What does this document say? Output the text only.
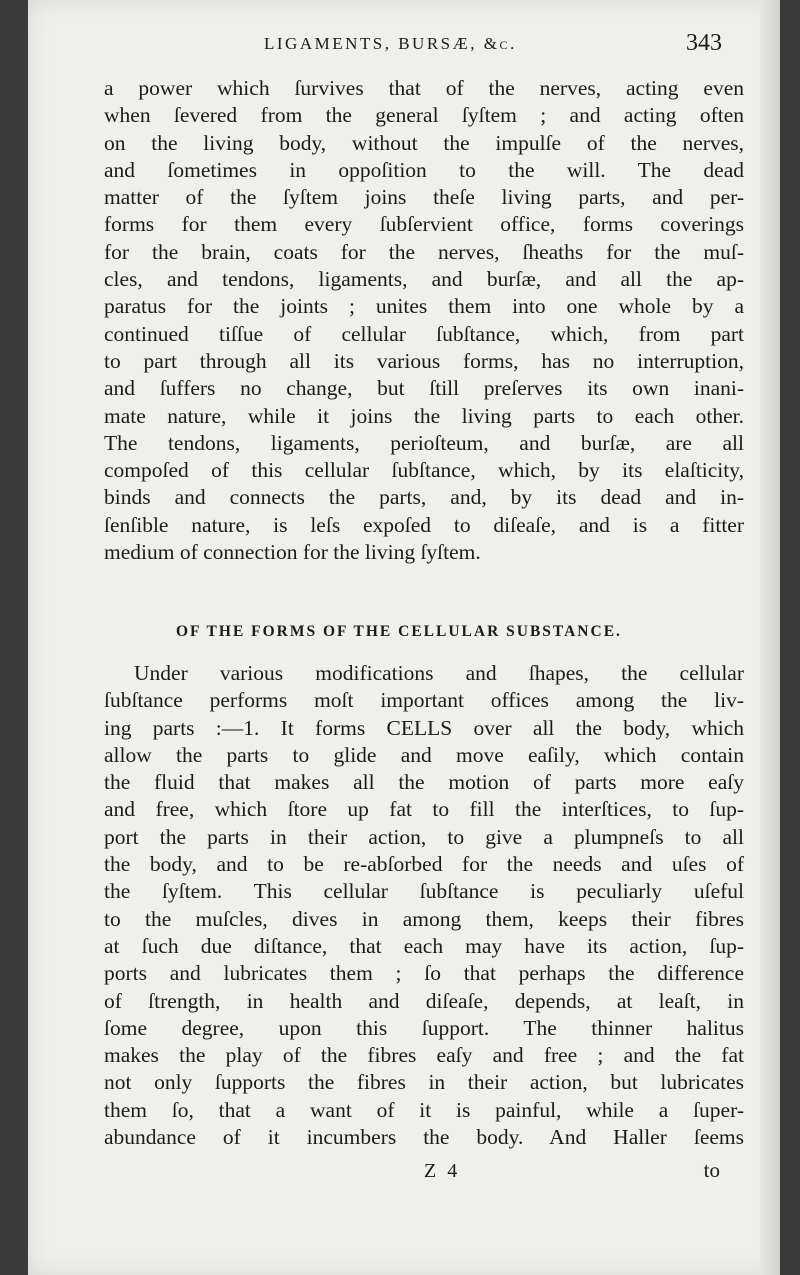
LIGAMENTS, BURSÆ, &c.	343
a power which ſurvives that of the nerves, acting even
when ſevered from the general ſyſtem ; and acting often
on the living body, without the impulſe of the nerves,
and ſometimes in oppoſition to the will. The dead
matter of the ſyſtem joins theſe living parts, and per-
forms for them every ſubſervient office, forms coverings
for the brain, coats for the nerves, ſheaths for the muſ-
cles, and tendons, ligaments, and burſæ, and all the ap-
paratus for the joints ; unites them into one whole by a
continued tiſſue of cellular ſubſtance, which, from part
to part through all its various forms, has no interruption,
and ſuffers no change, but ſtill preſerves its own inani-
mate nature, while it joins the living parts to each other.
The tendons, ligaments, perioſteum, and burſæ, are all
compoſed of this cellular ſubſtance, which, by its elaſticity,
binds and connects the parts, and, by its dead and in-
ſenſible nature, is leſs expoſed to diſeaſe, and is a fitter
medium of connection for the living ſyſtem.
OF THE FORMS OF THE CELLULAR SUBSTANCE.
Under various modifications and ſhapes, the cellular
ſubſtance performs moſt important offices among the liv-
ing parts :—1. It forms CELLS over all the body, which
allow the parts to glide and move eaſily, which contain
the fluid that makes all the motion of parts more eaſy
and free, which ſtore up fat to fill the interſtices, to ſup-
port the parts in their action, to give a plumpneſs to all
the body, and to be re-abſorbed for the needs and uſes of
the ſyſtem. This cellular ſubſtance is peculiarly uſeful
to the muſcles, dives in among them, keeps their fibres
at ſuch due diſtance, that each may have its action, ſup-
ports and lubricates them ; ſo that perhaps the difference
of ſtrength, in health and diſeaſe, depends, at leaſt, in
ſome degree, upon this ſupport. The thinner halitus
makes the play of the fibres eaſy and free ; and the fat
not only ſupports the fibres in their action, but lubricates
them ſo, that a want of it is painful, while a ſuper-
abundance of it incumbers the body. And Haller ſeems
Z 4	to
